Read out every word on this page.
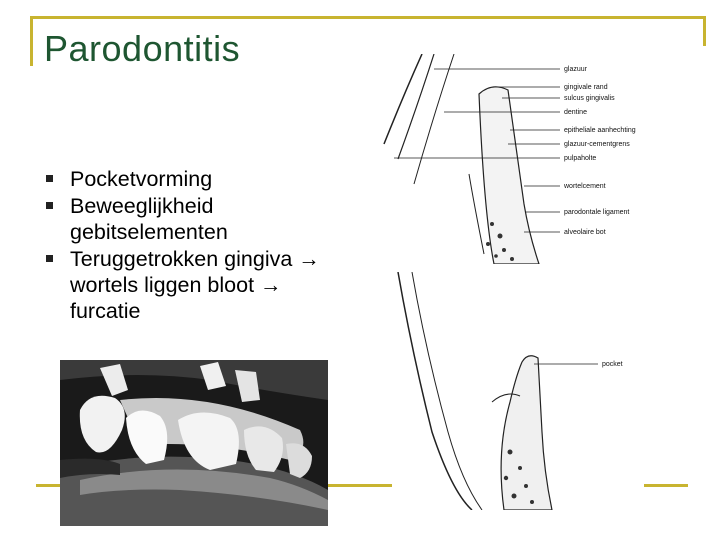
Parodontitis
Pocketvorming
Beweeglijkheid gebitselementen
Teruggetrokken gingiva → wortels liggen bloot → furcatie
glazuur
gingivale rand
sulcus gingivalis
dentine
epitheliale aanhechting
glazuur-cementgrens
pulpaholte
wortelcement
parodontale ligament
alveolaire bot
pocket
